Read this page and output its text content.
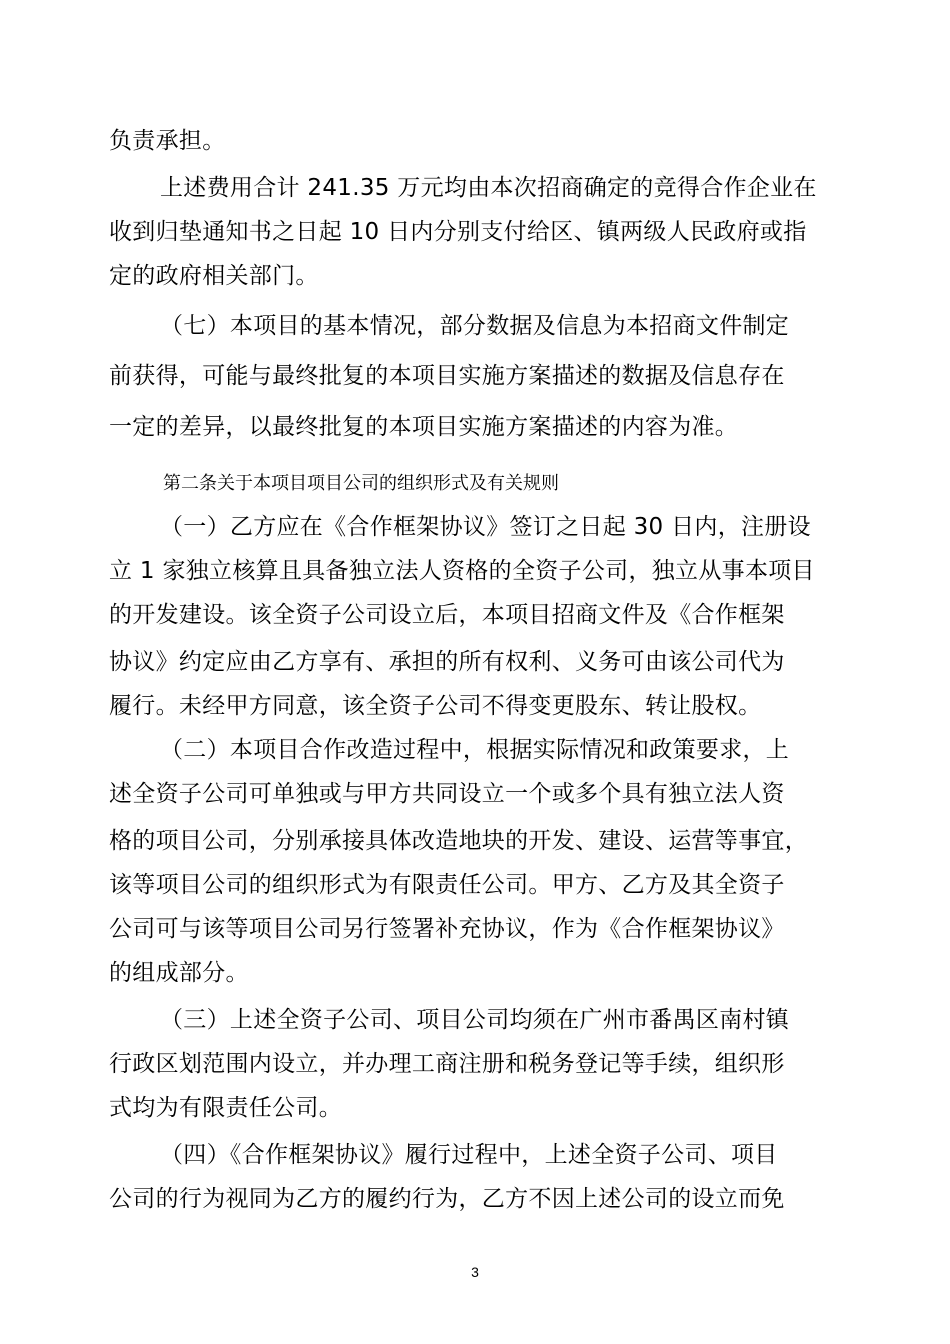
负责承担。
上述费用合计 241.35 万元均由本次招商确定的竞得合作企业在
收到归垫通知书之日起 10 日内分别支付给区、镇两级人民政府或指
定的政府相关部门。
（七）本项目的基本情况，部分数据及信息为本招商文件制定
前获得，可能与最终批复的本项目实施方案描述的数据及信息存在
一定的差异，以最终批复的本项目实施方案描述的内容为准。
第二条关于本项目项目公司的组织形式及有关规则
（一）乙方应在《合作框架协议》签订之日起 30 日内，注册设
立 1 家独立核算且具备独立法人资格的全资子公司，独立从事本项目
的开发建设。该全资子公司设立后，本项目招商文件及《合作框架
协议》约定应由乙方享有、承担的所有权利、义务可由该公司代为
履行。未经甲方同意，该全资子公司不得变更股东、转让股权。
（二）本项目合作改造过程中，根据实际情况和政策要求，上
述全资子公司可单独或与甲方共同设立一个或多个具有独立法人资
格的项目公司，分别承接具体改造地块的开发、建设、运营等事宜，
该等项目公司的组织形式为有限责任公司。甲方、乙方及其全资子
公司可与该等项目公司另行签署补充协议，作为《合作框架协议》
的组成部分。
（三）上述全资子公司、项目公司均须在广州市番禺区南村镇
行政区划范围内设立，并办理工商注册和税务登记等手续，组织形
式均为有限责任公司。
（四）《合作框架协议》履行过程中，上述全资子公司、项目
公司的行为视同为乙方的履约行为，乙方不因上述公司的设立而免
3
